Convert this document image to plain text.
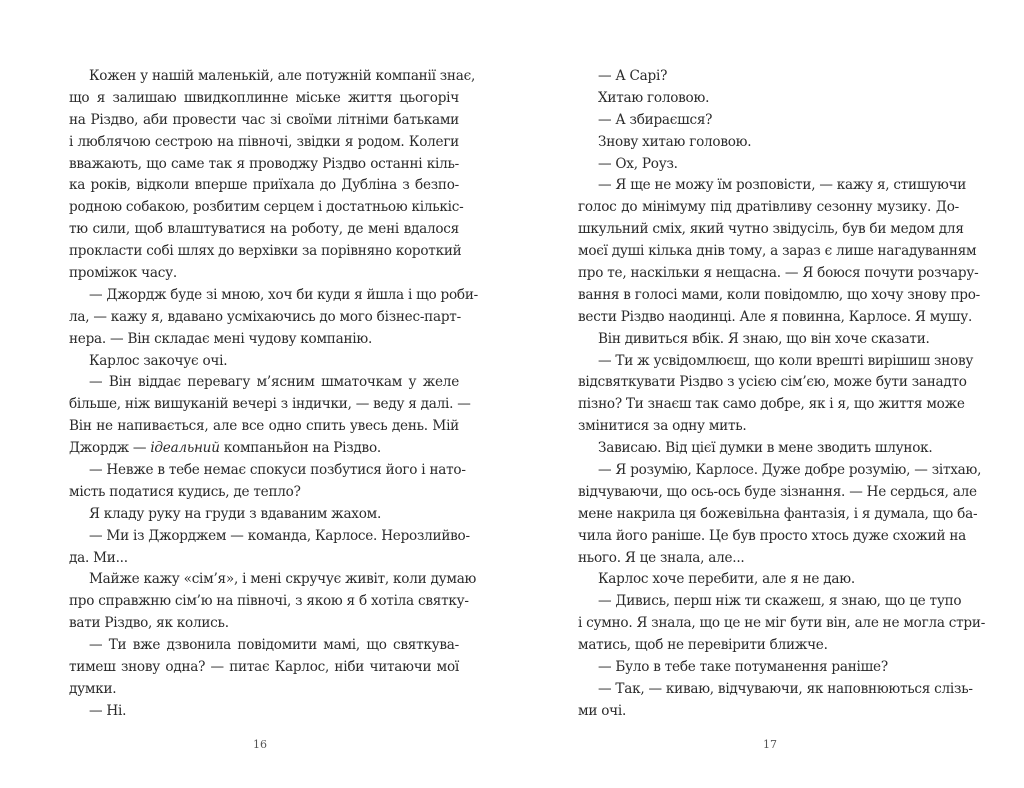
Кожен у нашій маленькій, але потужній компанії знає,
що я залишаю швидкоплинне міське життя цьогоріч
на Різдво, аби провести час зі своїми літніми батьками
і люблячою сестрою на півночі, звідки я родом. Колеги
вважають, що саме так я проводжу Різдво останні кіль-
ка років, відколи вперше приїхала до Дубліна з безпо-
родною собакою, розбитим серцем і достатньою кількіс-
тю сили, щоб влаштуватися на роботу, де мені вдалося
прокласти собі шлях до верхівки за порівняно короткий
проміжок часу.
— Джордж буде зі мною, хоч би куди я йшла і що роби-
ла, — кажу я, вдавано усміхаючись до мого бізнес-парт-
нера. — Він складає мені чудову компанію.
Карлос закочує очі.
— Він віддає перевагу м’ясним шматочкам у желе
більше, ніж вишуканій вечері з індички, — веду я далі. —
Він не напивається, але все одно спить увесь день. Мій
Джордж — ідеальний компаньйон на Різдво.
— Невже в тебе немає спокуси позбутися його і нато-
мість податися кудись, де тепло?
Я кладу руку на груди з вдаваним жахом.
— Ми із Джорджем — команда, Карлосе. Нерозлийво-
да. Ми...
Майже кажу «сім’я», і мені скручує живіт, коли думаю
про справжню сім’ю на півночі, з якою я б хотіла святку-
вати Різдво, як колись.
— Ти вже дзвонила повідомити мамі, що святкува-
тимеш знову одна? — питає Карлос, ніби читаючи мої
думки.
— Ні.
— А Сарі?
Хитаю головою.
— А збираєшся?
Знову хитаю головою.
— Ох, Роуз.
— Я ще не можу їм розповісти, — кажу я, стишуючи
голос до мінімуму під дратівливу сезонну музику. До-
шкульний сміх, який чутно звідусіль, був би медом для
моєї душі кілька днів тому, а зараз є лише нагадуванням
про те, наскільки я нещасна. — Я боюся почути розчару-
вання в голосі мами, коли повідомлю, що хочу знову про-
вести Різдво наодинці. Але я повинна, Карлосе. Я мушу.
Він дивиться вбік. Я знаю, що він хоче сказати.
— Ти ж усвідомлюєш, що коли врешті вирішиш знову
відсвяткувати Різдво з усією сім’єю, може бути занадто
пізно? Ти знаєш так само добре, як і я, що життя може
змінитися за одну мить.
Зависаю. Від цієї думки в мене зводить шлунок.
— Я розумію, Карлосе. Дуже добре розумію, — зітхаю,
відчуваючи, що ось-ось буде зізнання. — Не сердься, але
мене накрила ця божевільна фантазія, і я думала, що ба-
чила його раніше. Це був просто хтось дуже схожий на
нього. Я це знала, але...
Карлос хоче перебити, але я не даю.
— Дивись, перш ніж ти скажеш, я знаю, що це тупо
і сумно. Я знала, що це не міг бути він, але не могла стри-
матись, щоб не перевірити ближче.
— Було в тебе таке потуманення раніше?
— Так, — киваю, відчуваючи, як наповнюються слізь-
ми очі.
16	17
